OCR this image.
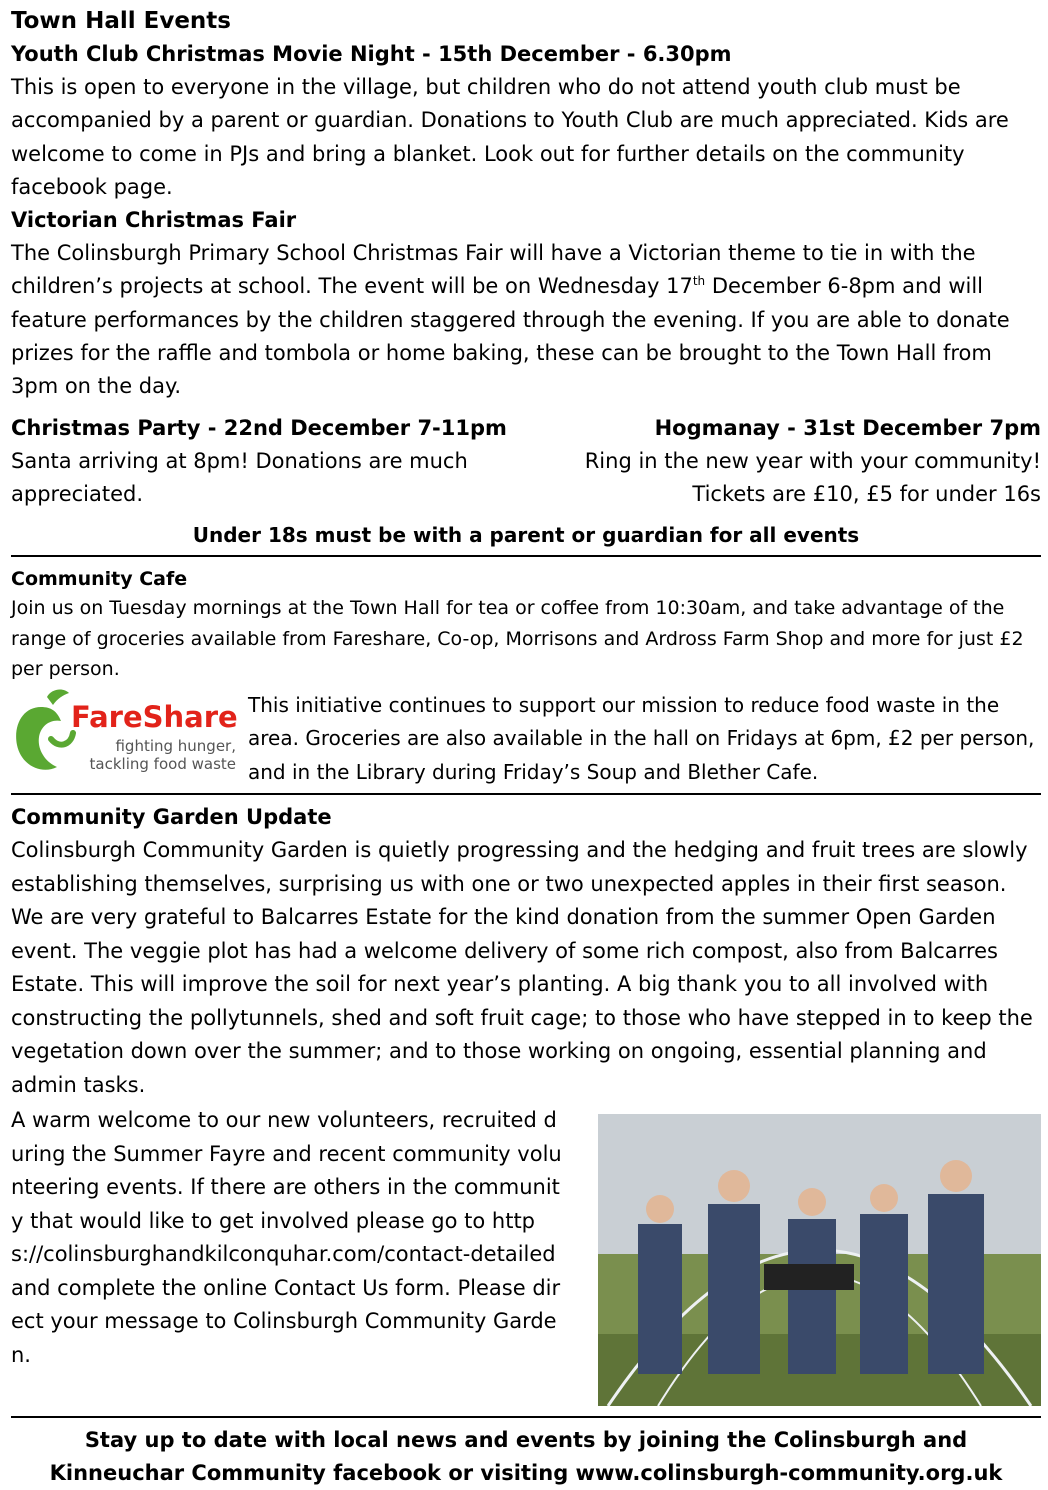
Town Hall Events
Youth Club Christmas Movie Night - 15th December - 6.30pm
This is open to everyone in the village, but children who do not attend youth club must be accompanied by a parent or guardian. Donations to Youth Club are much appreciated. Kids are welcome to come in PJs and bring a blanket. Look out for further details on the community facebook page.
Victorian Christmas Fair
The Colinsburgh Primary School Christmas Fair will have a Victorian theme to tie in with the children’s projects at school. The event will be on Wednesday 17th December 6-8pm and will feature performances by the children staggered through the evening. If you are able to donate prizes for the raffle and tombola or home baking, these can be brought to the Town Hall from 3pm on the day.
Christmas Party - 22nd December 7-11pm
Santa arriving at 8pm! Donations are much appreciated.
Hogmanay - 31st December 7pm
Ring in the new year with your community!
Tickets are £10, £5 for under 16s
Under 18s must be with a parent or guardian for all events
Community Cafe
Join us on Tuesday mornings at the Town Hall for tea or coffee from 10:30am, and take advantage of the range of groceries available from Fareshare, Co-op, Morrisons and Ardross Farm Shop and more for just £2 per person.
FareShare
fighting hunger,
tackling food waste
This initiative continues to support our mission to reduce food waste in the area. Groceries are also available in the hall on Fridays at 6pm, £2 per person, and in the Library during Friday’s Soup and Blether Cafe.
Community Garden Update
Colinsburgh Community Garden is quietly progressing and the hedging and fruit trees are slowly establishing themselves, surprising us with one or two unexpected apples in their first season. We are very grateful to Balcarres Estate for the kind donation from the summer Open Garden event. The veggie plot has had a welcome delivery of some rich compost, also from Balcarres Estate. This will improve the soil for next year’s planting. A big thank you to all involved with constructing the pollytunnels, shed and soft fruit cage; to those who have stepped in to keep the vegetation down over the summer; and to those working on ongoing, essential planning and admin tasks.
A warm welcome to our new volunteers, recruited during the Summer Fayre and recent community volunteering events. If there are others in the community that would like to get involved please go to https://colinsburghandkilconquhar.com/contact-detailed and complete the online Contact Us form. Please direct your message to Colinsburgh Community Garden.
Stay up to date with local news and events by joining the Colinsburgh and
Kinneuchar Community facebook or visiting www.colinsburgh-community.org.uk
